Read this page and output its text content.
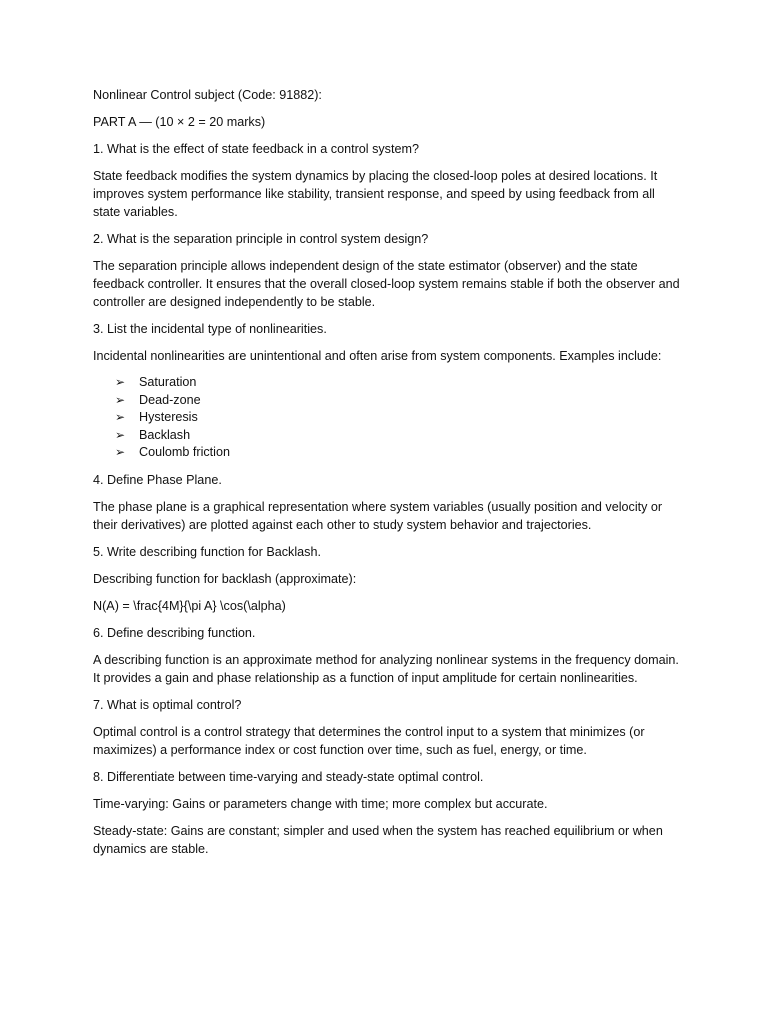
Nonlinear Control subject (Code: 91882):

PART A — (10 × 2 = 20 marks)

1. What is the effect of state feedback in a control system?

State feedback modifies the system dynamics by placing the closed-loop poles at desired locations. It improves system performance like stability, transient response, and speed by using feedback from all state variables.

2. What is the separation principle in control system design?

The separation principle allows independent design of the state estimator (observer) and the state feedback controller. It ensures that the overall closed-loop system remains stable if both the observer and controller are designed independently to be stable.

3. List the incidental type of nonlinearities.

Incidental nonlinearities are unintentional and often arise from system components. Examples include:

➢ Saturation
➢ Dead-zone
➢ Hysteresis
➢ Backlash
➢ Coulomb friction

4. Define Phase Plane.

The phase plane is a graphical representation where system variables (usually position and velocity or their derivatives) are plotted against each other to study system behavior and trajectories.

5. Write describing function for Backlash.

Describing function for backlash (approximate):

N(A) = \frac{4M}{\pi A} \cos(\alpha)

6. Define describing function.

A describing function is an approximate method for analyzing nonlinear systems in the frequency domain. It provides a gain and phase relationship as a function of input amplitude for certain nonlinearities.

7. What is optimal control?

Optimal control is a control strategy that determines the control input to a system that minimizes (or maximizes) a performance index or cost function over time, such as fuel, energy, or time.

8. Differentiate between time-varying and steady-state optimal control.

Time-varying: Gains or parameters change with time; more complex but accurate.

Steady-state: Gains are constant; simpler and used when the system has reached equilibrium or when dynamics are stable.
